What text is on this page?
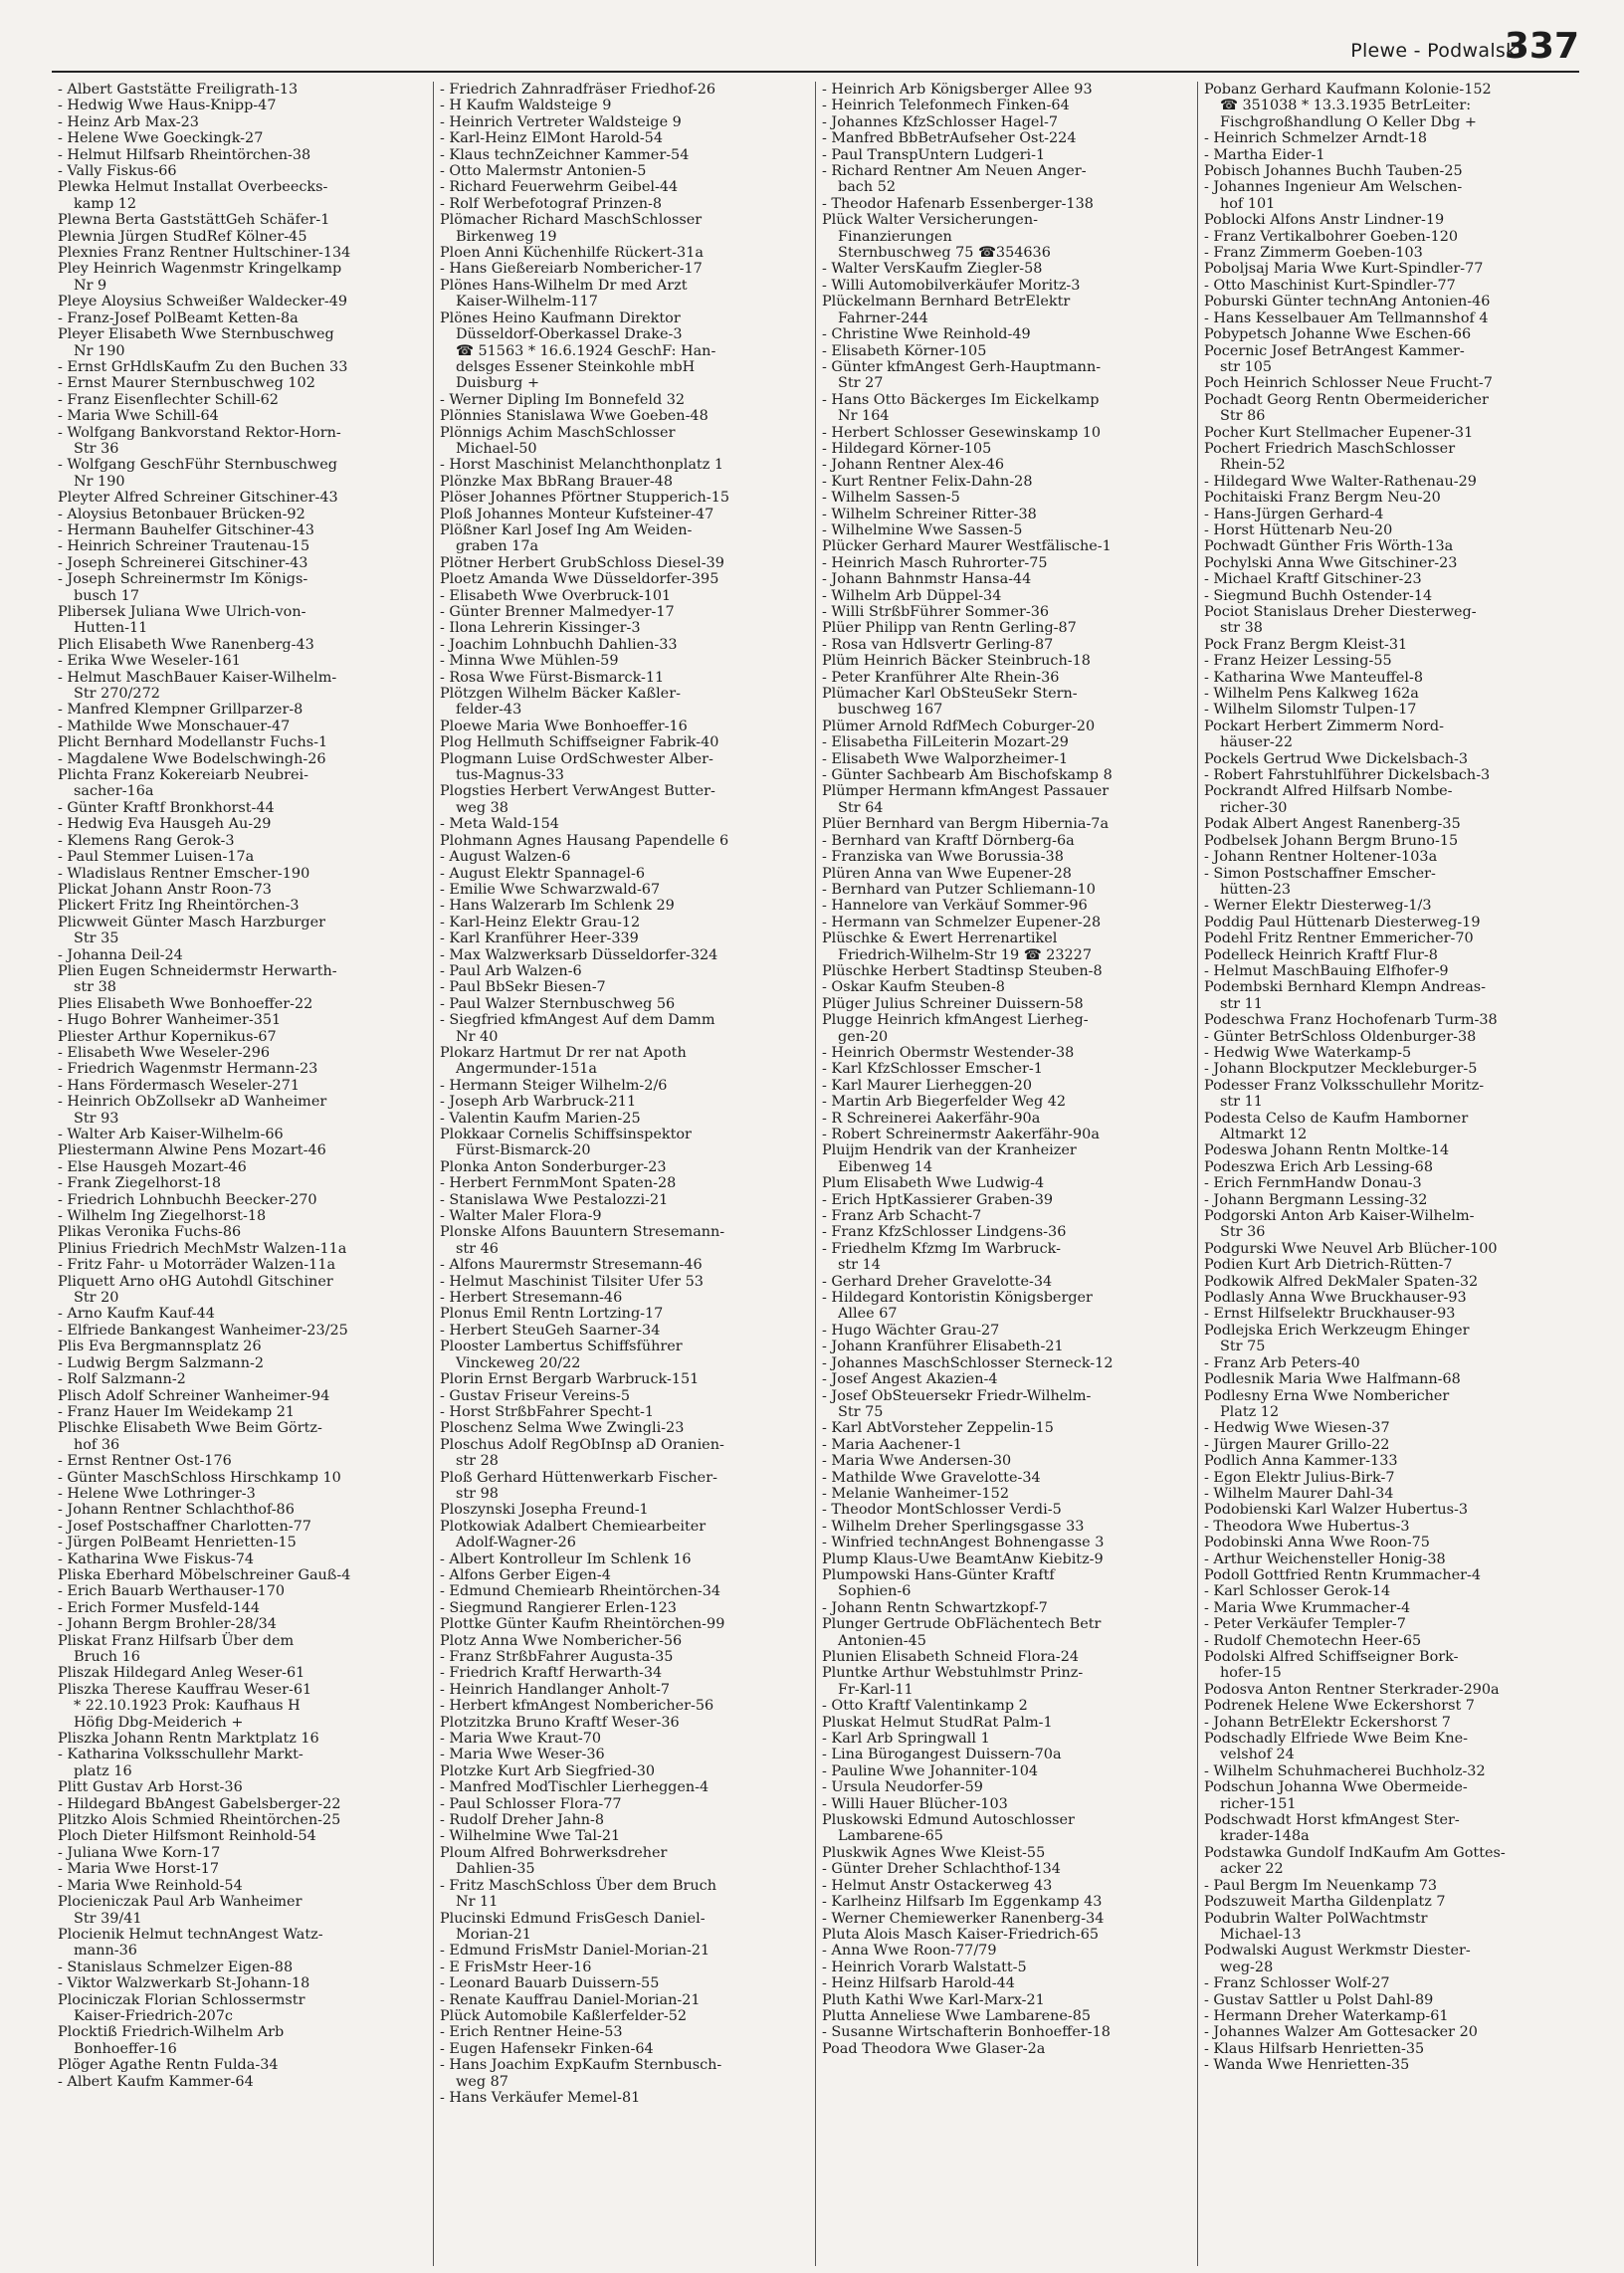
Plewe - Podwalski
337
- Albert Gaststätte Freiligrath-13
- Hedwig Wwe Haus-Knipp-47
- Heinz Arb Max-23
- Helene Wwe Goeckingk-27
- Helmut Hilfsarb Rheintörchen-38
- Vally Fiskus-66
Plewka Helmut Installat Overbeecks-
kamp 12
Plewna Berta GaststättGeh Schäfer-1
Plewnia Jürgen StudRef Kölner-45
Plexnies Franz Rentner Hultschiner-134
Pley Heinrich Wagenmstr Kringelkamp
Nr 9
Pleye Aloysius Schweißer Waldecker-49
- Franz-Josef PolBeamt Ketten-8a
Pleyer Elisabeth Wwe Sternbuschweg
Nr 190
- Ernst GrHdlsKaufm Zu den Buchen 33
- Ernst Maurer Sternbuschweg 102
- Franz Eisenflechter Schill-62
- Maria Wwe Schill-64
- Wolfgang Bankvorstand Rektor-Horn-
Str 36
- Wolfgang GeschFühr Sternbuschweg
Nr 190
Pleyter Alfred Schreiner Gitschiner-43
- Aloysius Betonbauer Brücken-92
- Hermann Bauhelfer Gitschiner-43
- Heinrich Schreiner Trautenau-15
- Joseph Schreinerei Gitschiner-43
- Joseph Schreinermstr Im Königs-
busch 17
Plibersek Juliana Wwe Ulrich-von-
Hutten-11
Plich Elisabeth Wwe Ranenberg-43
- Erika Wwe Weseler-161
- Helmut MaschBauer Kaiser-Wilhelm-
Str 270/272
- Manfred Klempner Grillparzer-8
- Mathilde Wwe Monschauer-47
Plicht Bernhard Modellanstr Fuchs-1
- Magdalene Wwe Bodelschwingh-26
Plichta Franz Kokereiarb Neubrei-
sacher-16a
- Günter Kraftf Bronkhorst-44
- Hedwig Eva Hausgeh Au-29
- Klemens Rang Gerok-3
- Paul Stemmer Luisen-17a
- Wladislaus Rentner Emscher-190
Plickat Johann Anstr Roon-73
Plickert Fritz Ing Rheintörchen-3
Plicwweit Günter Masch Harzburger
Str 35
- Johanna Deil-24
Plien Eugen Schneidermstr Herwarth-
str 38
Plies Elisabeth Wwe Bonhoeffer-22
- Hugo Bohrer Wanheimer-351
Pliester Arthur Kopernikus-67
- Elisabeth Wwe Weseler-296
- Friedrich Wagenmstr Hermann-23
- Hans Fördermasch Weseler-271
- Heinrich ObZollsekr aD Wanheimer
Str 93
- Walter Arb Kaiser-Wilhelm-66
Pliestermann Alwine Pens Mozart-46
- Else Hausgeh Mozart-46
- Frank Ziegelhorst-18
- Friedrich Lohnbuchh Beecker-270
- Wilhelm Ing Ziegelhorst-18
Plikas Veronika Fuchs-86
Plinius Friedrich MechMstr Walzen-11a
- Fritz Fahr- u Motorräder Walzen-11a
Pliquett Arno oHG Autohdl Gitschiner
Str 20
- Arno Kaufm Kauf-44
- Elfriede Bankangest Wanheimer-23/25
Plis Eva Bergmannsplatz 26
- Ludwig Bergm Salzmann-2
- Rolf Salzmann-2
Plisch Adolf Schreiner Wanheimer-94
- Franz Hauer Im Weidekamp 21
Plischke Elisabeth Wwe Beim Görtz-
hof 36
- Ernst Rentner Ost-176
- Günter MaschSchloss Hirschkamp 10
- Helene Wwe Lothringer-3
- Johann Rentner Schlachthof-86
- Josef Postschaffner Charlotten-77
- Jürgen PolBeamt Henrietten-15
- Katharina Wwe Fiskus-74
Pliska Eberhard Möbelschreiner Gauß-4
- Erich Bauarb Werthauser-170
- Erich Former Musfeld-144
- Johann Bergm Brohler-28/34
Pliskat Franz Hilfsarb Über dem
Bruch 16
Pliszak Hildegard Anleg Weser-61
Pliszka Therese Kauffrau Weser-61
* 22.10.1923 Prok: Kaufhaus H
Höfig Dbg-Meiderich +
Pliszka Johann Rentn Marktplatz 16
- Katharina Volksschullehr Markt-
platz 16
Plitt Gustav Arb Horst-36
- Hildegard BbAngest Gabelsberger-22
Plitzko Alois Schmied Rheintörchen-25
Ploch Dieter Hilfsmont Reinhold-54
- Juliana Wwe Korn-17
- Maria Wwe Horst-17
- Maria Wwe Reinhold-54
Plocieniczak Paul Arb Wanheimer
Str 39/41
Plocienik Helmut technAngest Watz-
mann-36
- Stanislaus Schmelzer Eigen-88
- Viktor Walzwerkarb St-Johann-18
Plociniczak Florian Schlossermstr
Kaiser-Friedrich-207c
Plocktiß Friedrich-Wilhelm Arb
Bonhoeffer-16
Plöger Agathe Rentn Fulda-34
- Albert Kaufm Kammer-64
- Friedrich Zahnradfräser Friedhof-26
- H Kaufm Waldsteige 9
- Heinrich Vertreter Waldsteige 9
- Karl-Heinz ElMont Harold-54
- Klaus technZeichner Kammer-54
- Otto Malermstr Antonien-5
- Richard Feuerwehrm Geibel-44
- Rolf Werbefotograf Prinzen-8
Plömacher Richard MaschSchlosser
Birkenweg 19
Ploen Anni Küchenhilfe Rückert-31a
- Hans Gießereiarb Nombericher-17
Plönes Hans-Wilhelm Dr med Arzt
Kaiser-Wilhelm-117
Plönes Heino Kaufmann Direktor
Düsseldorf-Oberkassel Drake-3
☎ 51563 * 16.6.1924 GeschF: Han-
delsges Essener Steinkohle mbH
Duisburg +
- Werner Dipling Im Bonnefeld 32
Plönnies Stanislawa Wwe Goeben-48
Plönnigs Achim MaschSchlosser
Michael-50
- Horst Maschinist Melanchthonplatz 1
Plönzke Max BbRang Brauer-48
Plöser Johannes Pförtner Stupperich-15
Ploß Johannes Monteur Kufsteiner-47
Plößner Karl Josef Ing Am Weiden-
graben 17a
Plötner Herbert GrubSchloss Diesel-39
Ploetz Amanda Wwe Düsseldorfer-395
- Elisabeth Wwe Overbruck-101
- Günter Brenner Malmedyer-17
- Ilona Lehrerin Kissinger-3
- Joachim Lohnbuchh Dahlien-33
- Minna Wwe Mühlen-59
- Rosa Wwe Fürst-Bismarck-11
Plötzgen Wilhelm Bäcker Kaßler-
felder-43
Ploewe Maria Wwe Bonhoeffer-16
Plog Hellmuth Schiffseigner Fabrik-40
Plogmann Luise OrdSchwester Alber-
tus-Magnus-33
Plogsties Herbert VerwAngest Butter-
weg 38
- Meta Wald-154
Plohmann Agnes Hausang Papendelle 6
- August Walzen-6
- August Elektr Spannagel-6
- Emilie Wwe Schwarzwald-67
- Hans Walzerarb Im Schlenk 29
- Karl-Heinz Elektr Grau-12
- Karl Kranführer Heer-339
- Max Walzwerksarb Düsseldorfer-324
- Paul Arb Walzen-6
- Paul BbSekr Biesen-7
- Paul Walzer Sternbuschweg 56
- Siegfried kfmAngest Auf dem Damm
Nr 40
Plokarz Hartmut Dr rer nat Apoth
Angermunder-151a
- Hermann Steiger Wilhelm-2/6
- Joseph Arb Warbruck-211
- Valentin Kaufm Marien-25
Plokkaar Cornelis Schiffsinspektor
Fürst-Bismarck-20
Plonka Anton Sonderburger-23
- Herbert FernmMont Spaten-28
- Stanislawa Wwe Pestalozzi-21
- Walter Maler Flora-9
Plonske Alfons Bauuntern Stresemann-
str 46
- Alfons Maurermstr Stresemann-46
- Helmut Maschinist Tilsiter Ufer 53
- Herbert Stresemann-46
Plonus Emil Rentn Lortzing-17
- Herbert SteuGeh Saarner-34
Plooster Lambertus Schiffsführer
Vinckeweg 20/22
Plorin Ernst Bergarb Warbruck-151
- Gustav Friseur Vereins-5
- Horst StrßbFahrer Specht-1
Ploschenz Selma Wwe Zwingli-23
Ploschus Adolf RegObInsp aD Oranien-
str 28
Ploß Gerhard Hüttenwerkarb Fischer-
str 98
Ploszynski Josepha Freund-1
Plotkowiak Adalbert Chemiearbeiter
Adolf-Wagner-26
- Albert Kontrolleur Im Schlenk 16
- Alfons Gerber Eigen-4
- Edmund Chemiearb Rheintörchen-34
- Siegmund Rangierer Erlen-123
Plottke Günter Kaufm Rheintörchen-99
Plotz Anna Wwe Nombericher-56
- Franz StrßbFahrer Augusta-35
- Friedrich Kraftf Herwarth-34
- Heinrich Handlanger Anholt-7
- Herbert kfmAngest Nombericher-56
Plotzitzka Bruno Kraftf Weser-36
- Maria Wwe Kraut-70
- Maria Wwe Weser-36
Plotzke Kurt Arb Siegfried-30
- Manfred ModTischler Lierheggen-4
- Paul Schlosser Flora-77
- Rudolf Dreher Jahn-8
- Wilhelmine Wwe Tal-21
Ploum Alfred Bohrwerksdreher
Dahlien-35
- Fritz MaschSchloss Über dem Bruch
Nr 11
Plucinski Edmund FrisGesch Daniel-
Morian-21
- Edmund FrisMstr Daniel-Morian-21
- E FrisMstr Heer-16
- Leonard Bauarb Duissern-55
- Renate Kauffrau Daniel-Morian-21
Plück Automobile Kaßlerfelder-52
- Erich Rentner Heine-53
- Eugen Hafensekr Finken-64
- Hans Joachim ExpKaufm Sternbusch-
weg 87
- Hans Verkäufer Memel-81
- Heinrich Arb Königsberger Allee 93
- Heinrich Telefonmech Finken-64
- Johannes KfzSchlosser Hagel-7
- Manfred BbBetrAufseher Ost-224
- Paul TranspUntern Ludgeri-1
- Richard Rentner Am Neuen Anger-
bach 52
- Theodor Hafenarb Essenberger-138
Plück Walter Versicherungen-
Finanzierungen
Sternbuschweg 75 ☎354636
- Walter VersKaufm Ziegler-58
- Willi Automobilverkäufer Moritz-3
Plückelmann Bernhard BetrElektr
Fahrner-244
- Christine Wwe Reinhold-49
- Elisabeth Körner-105
- Günter kfmAngest Gerh-Hauptmann-
Str 27
- Hans Otto Bäckerges Im Eickelkamp
Nr 164
- Herbert Schlosser Gesewinskamp 10
- Hildegard Körner-105
- Johann Rentner Alex-46
- Kurt Rentner Felix-Dahn-28
- Wilhelm Sassen-5
- Wilhelm Schreiner Ritter-38
- Wilhelmine Wwe Sassen-5
Plücker Gerhard Maurer Westfälische-1
- Heinrich Masch Ruhrorter-75
- Johann Bahnmstr Hansa-44
- Wilhelm Arb Düppel-34
- Willi StrßbFührer Sommer-36
Plüer Philipp van Rentn Gerling-87
- Rosa van Hdlsvertr Gerling-87
Plüm Heinrich Bäcker Steinbruch-18
- Peter Kranführer Alte Rhein-36
Plümacher Karl ObSteuSekr Stern-
buschweg 167
Plümer Arnold RdfMech Coburger-20
- Elisabetha FilLeiterin Mozart-29
- Elisabeth Wwe Walporzheimer-1
- Günter Sachbearb Am Bischofskamp 8
Plümper Hermann kfmAngest Passauer
Str 64
Plüer Bernhard van Bergm Hibernia-7a
- Bernhard van Kraftf Dörnberg-6a
- Franziska van Wwe Borussia-38
Plüren Anna van Wwe Eupener-28
- Bernhard van Putzer Schliemann-10
- Hannelore van Verkäuf Sommer-96
- Hermann van Schmelzer Eupener-28
Plüschke & Ewert Herrenartikel
Friedrich-Wilhelm-Str 19 ☎ 23227
Plüschke Herbert Stadtinsp Steuben-8
- Oskar Kaufm Steuben-8
Plüger Julius Schreiner Duissern-58
Plugge Heinrich kfmAngest Lierheg-
gen-20
- Heinrich Obermstr Westender-38
- Karl KfzSchlosser Emscher-1
- Karl Maurer Lierheggen-20
- Martin Arb Biegerfelder Weg 42
- R Schreinerei Aakerfähr-90a
- Robert Schreinermstr Aakerfähr-90a
Pluijm Hendrik van der Kranheizer
Eibenweg 14
Plum Elisabeth Wwe Ludwig-4
- Erich HptKassierer Graben-39
- Franz Arb Schacht-7
- Franz KfzSchlosser Lindgens-36
- Friedhelm Kfzmg Im Warbruck-
str 14
- Gerhard Dreher Gravelotte-34
- Hildegard Kontoristin Königsberger
Allee 67
- Hugo Wächter Grau-27
- Johann Kranführer Elisabeth-21
- Johannes MaschSchlosser Sterneck-12
- Josef Angest Akazien-4
- Josef ObSteuersekr Friedr-Wilhelm-
Str 75
- Karl AbtVorsteher Zeppelin-15
- Maria Aachener-1
- Maria Wwe Andersen-30
- Mathilde Wwe Gravelotte-34
- Melanie Wanheimer-152
- Theodor MontSchlosser Verdi-5
- Wilhelm Dreher Sperlingsgasse 33
- Winfried technAngest Bohnengasse 3
Plump Klaus-Uwe BeamtAnw Kiebitz-9
Plumpowski Hans-Günter Kraftf
Sophien-6
- Johann Rentn Schwartzkopf-7
Plunger Gertrude ObFlächentech Betr
Antonien-45
Plunien Elisabeth Schneid Flora-24
Pluntke Arthur Webstuhlmstr Prinz-
Fr-Karl-11
- Otto Kraftf Valentinkamp 2
Pluskat Helmut StudRat Palm-1
- Karl Arb Springwall 1
- Lina Bürogangest Duissern-70a
- Pauline Wwe Johanniter-104
- Ursula Neudorfer-59
- Willi Hauer Blücher-103
Pluskowski Edmund Autoschlosser
Lambarene-65
Pluskwik Agnes Wwe Kleist-55
- Günter Dreher Schlachthof-134
- Helmut Anstr Ostackerweg 43
- Karlheinz Hilfsarb Im Eggenkamp 43
- Werner Chemiewerker Ranenberg-34
Pluta Alois Masch Kaiser-Friedrich-65
- Anna Wwe Roon-77/79
- Heinrich Vorarb Walstatt-5
- Heinz Hilfsarb Harold-44
Pluth Kathi Wwe Karl-Marx-21
Plutta Anneliese Wwe Lambarene-85
- Susanne Wirtschafterin Bonhoeffer-18
Poad Theodora Wwe Glaser-2a
Pobanz Gerhard Kaufmann Kolonie-152
☎ 351038 * 13.3.1935 BetrLeiter:
Fischgroßhandlung O Keller Dbg +
- Heinrich Schmelzer Arndt-18
- Martha Eider-1
Pobisch Johannes Buchh Tauben-25
- Johannes Ingenieur Am Welschen-
hof 101
Poblocki Alfons Anstr Lindner-19
- Franz Vertikalbohrer Goeben-120
- Franz Zimmerm Goeben-103
Poboljsaj Maria Wwe Kurt-Spindler-77
- Otto Maschinist Kurt-Spindler-77
Poburski Günter technAng Antonien-46
- Hans Kesselbauer Am Tellmannshof 4
Pobypetsch Johanne Wwe Eschen-66
Pocernic Josef BetrAngest Kammer-
str 105
Poch Heinrich Schlosser Neue Frucht-7
Pochadt Georg Rentn Obermeidericher
Str 86
Pocher Kurt Stellmacher Eupener-31
Pochert Friedrich MaschSchlosser
Rhein-52
- Hildegard Wwe Walter-Rathenau-29
Pochitaiski Franz Bergm Neu-20
- Hans-Jürgen Gerhard-4
- Horst Hüttenarb Neu-20
Pochwadt Günther Fris Wörth-13a
Pochylski Anna Wwe Gitschiner-23
- Michael Kraftf Gitschiner-23
- Siegmund Buchh Ostender-14
Pociot Stanislaus Dreher Diesterweg-
str 38
Pock Franz Bergm Kleist-31
- Franz Heizer Lessing-55
- Katharina Wwe Manteuffel-8
- Wilhelm Pens Kalkweg 162a
- Wilhelm Silomstr Tulpen-17
Pockart Herbert Zimmerm Nord-
häuser-22
Pockels Gertrud Wwe Dickelsbach-3
- Robert Fahrstuhlführer Dickelsbach-3
Pockrandt Alfred Hilfsarb Nombe-
richer-30
Podak Albert Angest Ranenberg-35
Podbelsek Johann Bergm Bruno-15
- Johann Rentner Holtener-103a
- Simon Postschaffner Emscher-
hütten-23
- Werner Elektr Diesterweg-1/3
Poddig Paul Hüttenarb Diesterweg-19
Podehl Fritz Rentner Emmericher-70
Podelleck Heinrich Kraftf Flur-8
- Helmut MaschBauing Elfhofer-9
Podembski Bernhard Klempn Andreas-
str 11
Podeschwa Franz Hochofenarb Turm-38
- Günter BetrSchloss Oldenburger-38
- Hedwig Wwe Waterkamp-5
- Johann Blockputzer Meckleburger-5
Podesser Franz Volksschullehr Moritz-
str 11
Podesta Celso de Kaufm Hamborner
Altmarkt 12
Podeswa Johann Rentn Moltke-14
Podeszwa Erich Arb Lessing-68
- Erich FernmHandw Donau-3
- Johann Bergmann Lessing-32
Podgorski Anton Arb Kaiser-Wilhelm-
Str 36
Podgurski Wwe Neuvel Arb Blücher-100
Podien Kurt Arb Dietrich-Rütten-7
Podkowik Alfred DekMaler Spaten-32
Podlasly Anna Wwe Bruckhauser-93
- Ernst Hilfselektr Bruckhauser-93
Podlejska Erich Werkzeugm Ehinger
Str 75
- Franz Arb Peters-40
Podlesnik Maria Wwe Halfmann-68
Podlesny Erna Wwe Nombericher
Platz 12
- Hedwig Wwe Wiesen-37
- Jürgen Maurer Grillo-22
Podlich Anna Kammer-133
- Egon Elektr Julius-Birk-7
- Wilhelm Maurer Dahl-34
Podobienski Karl Walzer Hubertus-3
- Theodora Wwe Hubertus-3
Podobinski Anna Wwe Roon-75
- Arthur Weichensteller Honig-38
Podoll Gottfried Rentn Krummacher-4
- Karl Schlosser Gerok-14
- Maria Wwe Krummacher-4
- Peter Verkäufer Templer-7
- Rudolf Chemotechn Heer-65
Podolski Alfred Schiffseigner Bork-
hofer-15
Podosva Anton Rentner Sterkrader-290a
Podrenek Helene Wwe Eckershorst 7
- Johann BetrElektr Eckershorst 7
Podschadly Elfriede Wwe Beim Kne-
velshof 24
- Wilhelm Schuhmacherei Buchholz-32
Podschun Johanna Wwe Obermeide-
richer-151
Podschwadt Horst kfmAngest Ster-
krader-148a
Podstawka Gundolf IndKaufm Am Gottes-
acker 22
- Paul Bergm Im Neuenkamp 73
Podszuweit Martha Gildenplatz 7
Podubrin Walter PolWachtmstr
Michael-13
Podwalski August Werkmstr Diester-
weg-28
- Franz Schlosser Wolf-27
- Gustav Sattler u Polst Dahl-89
- Hermann Dreher Waterkamp-61
- Johannes Walzer Am Gottesacker 20
- Klaus Hilfsarb Henrietten-35
- Wanda Wwe Henrietten-35
